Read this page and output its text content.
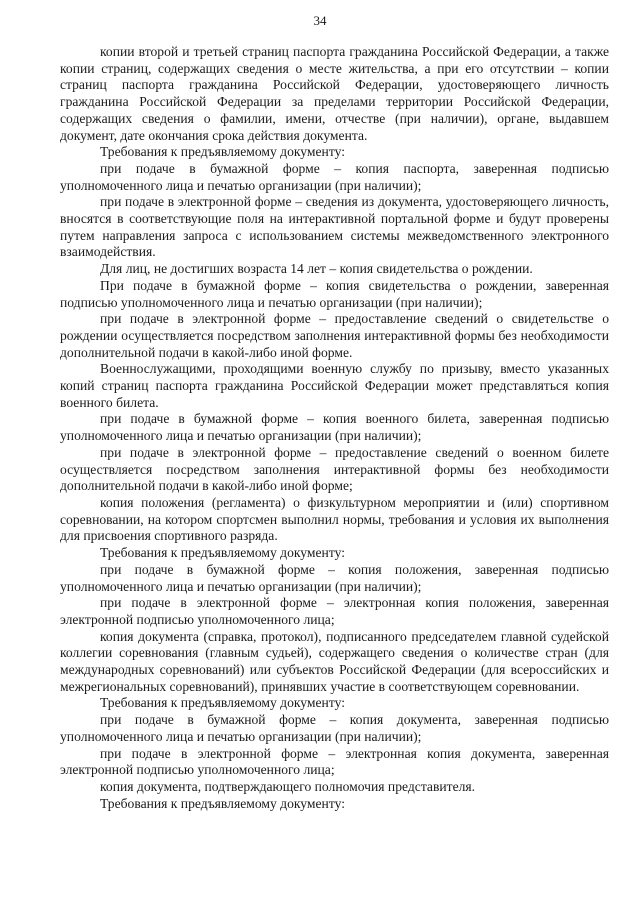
34

копии второй и третьей страниц паспорта гражданина Российской Федерации, а также копии страниц, содержащих сведения о месте жительства, а при его отсутствии – копии страниц паспорта гражданина Российской Федерации, удостоверяющего личность гражданина Российской Федерации за пределами территории Российской Федерации, содержащих сведения о фамилии, имени, отчестве (при наличии), органе, выдавшем документ, дате окончания срока действия документа.

Требования к предъявляемому документу:

при подаче в бумажной форме – копия паспорта, заверенная подписью уполномоченного лица и печатью организации (при наличии);

при подаче в электронной форме – сведения из документа, удостоверяющего личность, вносятся в соответствующие поля на интерактивной портальной форме и будут проверены путем направления запроса с использованием системы межведомственного электронного взаимодействия.

Для лиц, не достигших возраста 14 лет – копия свидетельства о рождении.

При подаче в бумажной форме – копия свидетельства о рождении, заверенная подписью уполномоченного лица и печатью организации (при наличии);

при подаче в электронной форме – предоставление сведений о свидетельстве о рождении осуществляется посредством заполнения интерактивной формы без необходимости дополнительной подачи в какой-либо иной форме.

Военнослужащими, проходящими военную службу по призыву, вместо указанных копий страниц паспорта гражданина Российской Федерации может представляться копия военного билета.

при подаче в бумажной форме – копия военного билета, заверенная подписью уполномоченного лица и печатью организации (при наличии);

при подаче в электронной форме – предоставление сведений о военном билете осуществляется посредством заполнения интерактивной формы без необходимости дополнительной подачи в какой-либо иной форме;

копия положения (регламента) о физкультурном мероприятии и (или) спортивном соревновании, на котором спортсмен выполнил нормы, требования и условия их выполнения для присвоения спортивного разряда.

Требования к предъявляемому документу:

при подаче в бумажной форме – копия положения, заверенная подписью уполномоченного лица и печатью организации (при наличии);

при подаче в электронной форме – электронная копия положения, заверенная электронной подписью уполномоченного лица;

копия документа (справка, протокол), подписанного председателем главной судейской коллегии соревнования (главным судьей), содержащего сведения о количестве стран (для международных соревнований) или субъектов Российской Федерации (для всероссийских и межрегиональных соревнований), принявших участие в соответствующем соревновании.

Требования к предъявляемому документу:

при подаче в бумажной форме – копия документа, заверенная подписью уполномоченного лица и печатью организации (при наличии);

при подаче в электронной форме – электронная копия документа, заверенная электронной подписью уполномоченного лица;

копия документа, подтверждающего полномочия представителя.

Требования к предъявляемому документу:
